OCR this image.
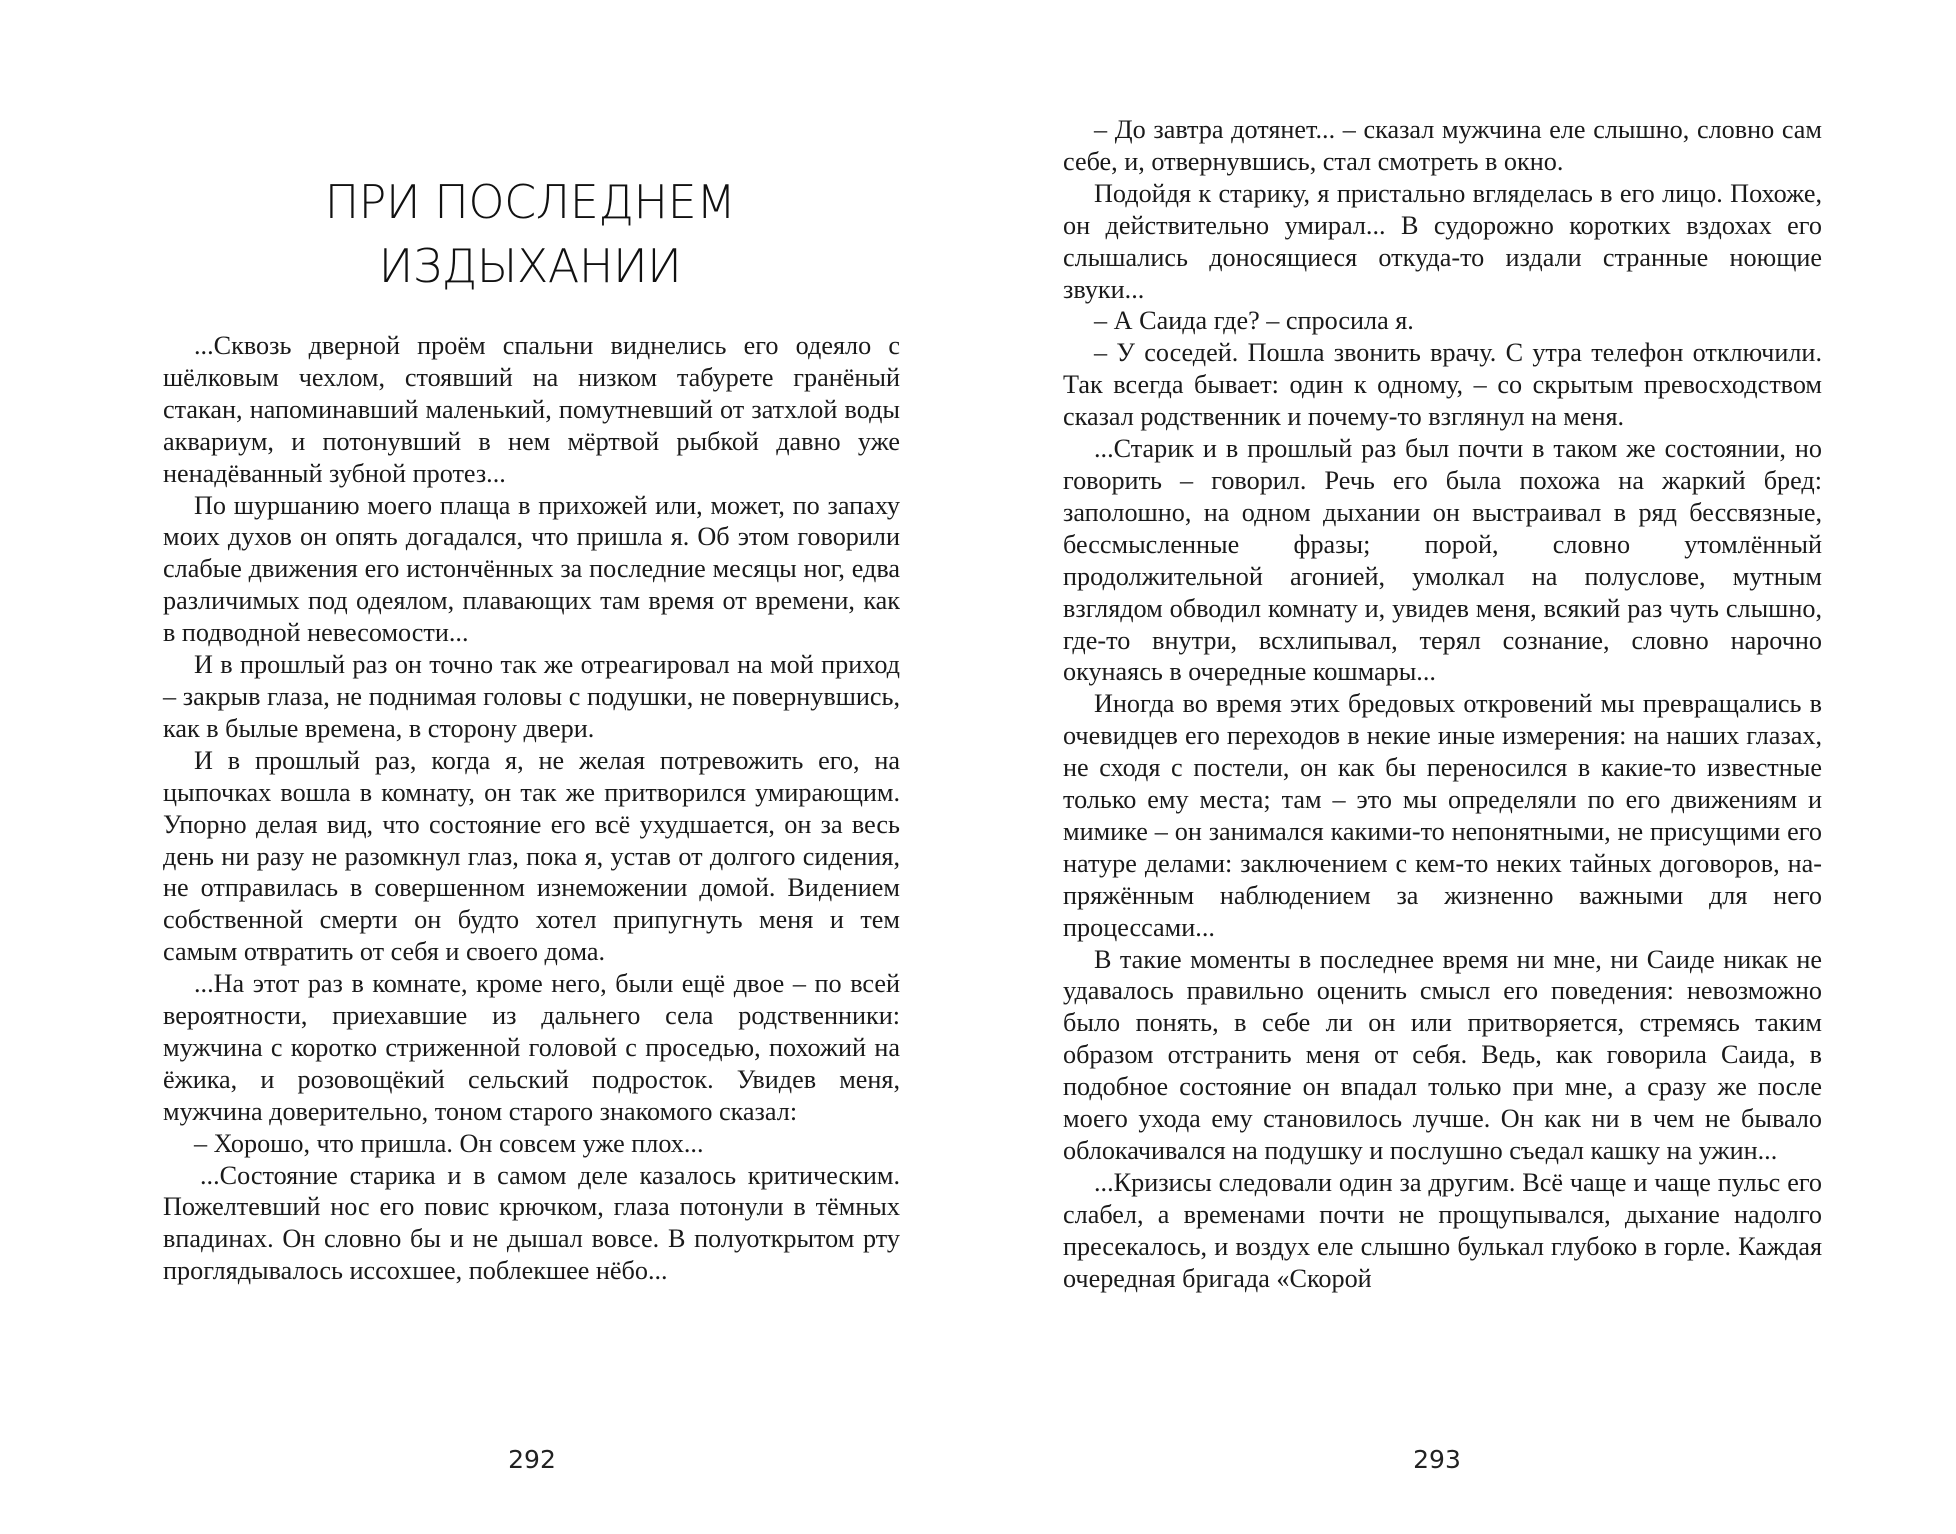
ПРИ ПОСЛЕДНЕМ
ИЗДЫХАНИИ

...Сквозь дверной проём спальни виднелись его одеяло с шёлковым чехлом, стоявший на низком табурете гранёный стакан, напоминавший маленький, помутневший от затхлой воды аквариум, и потонувший в нем мёртвой рыбкой давно уже ненадёванный зубной протез...

По шуршанию моего плаща в прихожей или, может, по запаху моих духов он опять догадался, что пришла я. Об этом говорили слабые движения его истончённых за последние месяцы ног, едва различимых под одеялом, плавающих там время от времени, как в подводной невесомости...

И в прошлый раз он точно так же отреагировал на мой приход – закрыв глаза, не поднимая головы с подушки, не повернувшись, как в былые времена, в сторону двери.

И в прошлый раз, когда я, не желая потревожить его, на цыпочках вошла в комнату, он так же притворился умирающим. Упорно делая вид, что состояние его всё ухудшается, он за весь день ни разу не разомкнул глаз, пока я, устав от долгого сидения, не отправилась в совершенном изнеможении домой. Видением собственной смерти он будто хотел припугнуть меня и тем самым отвратить от себя и своего дома.

...На этот раз в комнате, кроме него, были ещё двое – по всей вероятности, приехавшие из дальнего села родственники: мужчина с коротко стриженной головой с проседью, похожий на ёжика, и розовощёкий сельский подросток. Увидев меня, мужчина доверительно, тоном старого знакомого сказал:

– Хорошо, что пришла. Он совсем уже плох...

...Состояние старика и в самом деле казалось критическим. Пожелтевший нос его повис крючком, глаза потонули в тёмных впадинах. Он словно бы и не дышал вовсе. В полуоткрытом рту проглядывалось иссохшее, поблекшее нёбо...

292

– До завтра дотянет... – сказал мужчина еле слышно, словно сам себе, и, отвернувшись, стал смотреть в окно.

Подойдя к старику, я пристально вгляделась в его лицо. Похоже, он действительно умирал... В судорожно коротких вздохах его слышались доносящиеся откуда-то издали странные ноющие звуки...

– А Саида где? – спросила я.

– У соседей. Пошла звонить врачу. С утра телефон отключили. Так всегда бывает: один к одному, – со скрытым превосходством сказал родственник и почему-то взглянул на меня.

...Старик и в прошлый раз был почти в таком же состоянии, но говорить – говорил. Речь его была похожа на жаркий бред: заполошно, на одном дыхании он выстраивал в ряд бессвязные, бессмысленные фразы; порой, словно утомлённый продолжительной агонией, умолкал на полуслове, мутным взглядом обводил комнату и, увидев меня, всякий раз чуть слышно, где-то внутри, всхлипывал, терял сознание, словно нарочно окунаясь в очередные кошмары...

Иногда во время этих бредовых откровений мы превращались в очевидцев его переходов в некие иные измерения: на наших глазах, не сходя с постели, он как бы переносился в какие-то известные только ему места; там – это мы определяли по его движениям и мимике – он занимался какими-то непонятными, не присущими его натуре делами: заключением с кем-то неких тайных договоров, напряжённым наблюдением за жизненно важными для него процессами...

В такие моменты в последнее время ни мне, ни Саиде никак не удавалось правильно оценить смысл его поведения: невозможно было понять, в себе ли он или притворяется, стремясь таким образом отстранить меня от себя. Ведь, как говорила Саида, в подобное состояние он впадал только при мне, а сразу же после моего ухода ему становилось лучше. Он как ни в чем не бывало облокачивался на подушку и послушно съедал кашку на ужин...

...Кризисы следовали один за другим. Всё чаще и чаще пульс его слабел, а временами почти не прощупывался, дыхание надолго пресекалось, и воздух еле слышно булькал глубоко в горле. Каждая очередная бригада «Скорой

293
